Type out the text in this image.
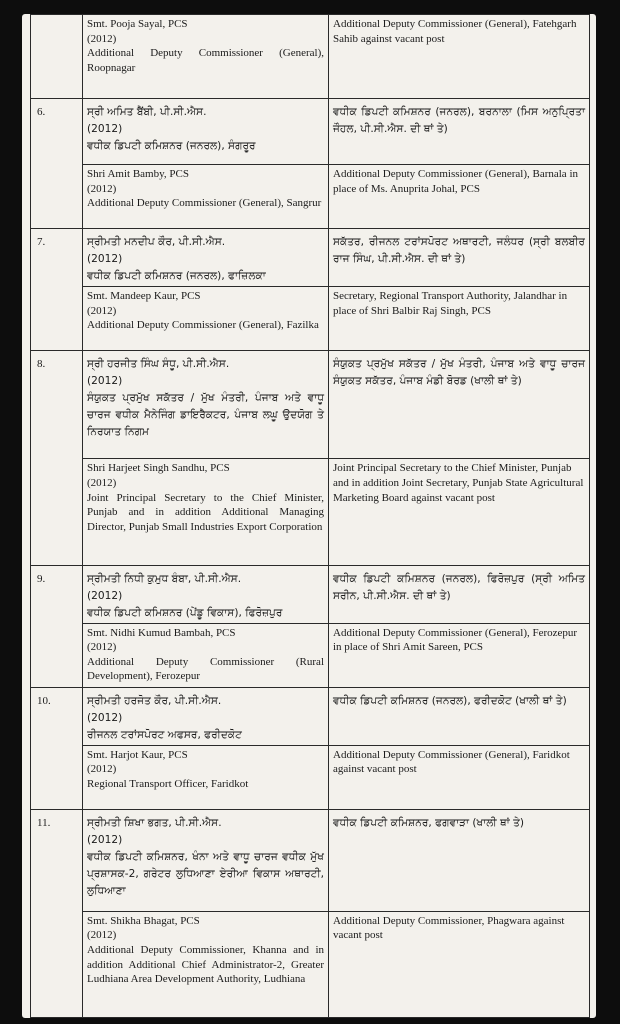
	Smt. Pooja Sayal, PCS
(2012)
Additional Deputy Commissioner (General), Roopnagar	Additional Deputy Commissioner (General), Fatehgarh Sahib against vacant post
6.	ਸ੍ਰੀ ਅਮਿਤ ਬੈਂਬੀ, ਪੀ.ਸੀ.ਐਸ.
(2012)
ਵਧੀਕ ਡਿਪਟੀ ਕਮਿਸ਼ਨਰ (ਜਨਰਲ), ਸੰਗਰੂਰ	ਵਧੀਕ ਡਿਪਟੀ ਕਮਿਸ਼ਨਰ (ਜਨਰਲ), ਬਰਨਾਲਾ (ਮਿਸ ਅਨੁਪ੍ਰਿਤਾ ਜੌਹਲ, ਪੀ.ਸੀ.ਐਸ. ਦੀ ਥਾਂ ਤੇ)

	Shri Amit Bamby, PCS
(2012)
Additional Deputy Commissioner (General), Sangrur	Additional Deputy Commissioner (General), Barnala in place of Ms. Anuprita Johal, PCS
7.	ਸ੍ਰੀਮਤੀ ਮਨਦੀਪ ਕੌਰ, ਪੀ.ਸੀ.ਐਸ.
(2012)
ਵਧੀਕ ਡਿਪਟੀ ਕਮਿਸ਼ਨਰ (ਜਨਰਲ), ਫਾਜ਼ਿਲਕਾ	ਸਕੱਤਰ, ਰੀਜਨਲ ਟਰਾਂਸਪੋਰਟ ਅਥਾਰਟੀ, ਜਲੰਧਰ (ਸ੍ਰੀ ਬਲਬੀਰ ਰਾਜ ਸਿੰਘ, ਪੀ.ਸੀ.ਐਸ. ਦੀ ਥਾਂ ਤੇ)

	Smt. Mandeep Kaur, PCS
(2012)
Additional Deputy Commissioner (General), Fazilka	Secretary, Regional Transport Authority, Jalandhar in place of Shri Balbir Raj Singh, PCS
8.	ਸ੍ਰੀ ਹਰਜੀਤ ਸਿੰਘ ਸੰਧੂ, ਪੀ.ਸੀ.ਐਸ.
(2012)
ਸੰਯੁਕਤ ਪ੍ਰਮੁੱਖ ਸਕੱਤਰ / ਮੁੱਖ ਮੰਤਰੀ, ਪੰਜਾਬ ਅਤੇ ਵਾਧੂ ਚਾਰਜ ਵਧੀਕ ਮੈਨੇਜਿੰਗ ਡਾਇਰੈਕਟਰ, ਪੰਜਾਬ ਲਘੂ ਉਦਯੋਗ ਤੇ ਨਿਰਯਾਤ ਨਿਗਮ	ਸੰਯੁਕਤ ਪ੍ਰਮੁੱਖ ਸਕੱਤਰ / ਮੁੱਖ ਮੰਤਰੀ, ਪੰਜਾਬ ਅਤੇ ਵਾਧੂ ਚਾਰਜ ਸੰਯੁਕਤ ਸਕੱਤਰ, ਪੰਜਾਬ ਮੰਡੀ ਬੋਰਡ (ਖਾਲੀ ਥਾਂ ਤੇ)

	Shri Harjeet Singh Sandhu, PCS
(2012)
Joint Principal Secretary to the Chief Minister, Punjab and in addition Additional Managing Director, Punjab Small Industries Export Corporation	Joint Principal Secretary to the Chief Minister, Punjab and in addition Joint Secretary, Punjab State Agricultural Marketing Board against vacant post
9.	ਸ੍ਰੀਮਤੀ ਨਿਧੀ ਕੁਮੁਧ ਬੰਬਾ, ਪੀ.ਸੀ.ਐਸ.
(2012)
ਵਧੀਕ ਡਿਪਟੀ ਕਮਿਸ਼ਨਰ (ਪੇਂਡੂ ਵਿਕਾਸ), ਫਿਰੋਜ਼ਪੁਰ	ਵਧੀਕ ਡਿਪਟੀ ਕਮਿਸ਼ਨਰ (ਜਨਰਲ), ਫਿਰੋਜ਼ਪੁਰ (ਸ੍ਰੀ ਅਮਿਤ ਸਰੀਨ, ਪੀ.ਸੀ.ਐਸ. ਦੀ ਥਾਂ ਤੇ)

	Smt. Nidhi Kumud Bambah, PCS
(2012)
Additional Deputy Commissioner (Rural Development), Ferozepur	Additional Deputy Commissioner (General), Ferozepur in place of Shri Amit Sareen, PCS
10.	ਸ੍ਰੀਮਤੀ ਹਰਜੋਤ ਕੌਰ, ਪੀ.ਸੀ.ਐਸ.
(2012)
ਰੀਜਨਲ ਟਰਾਂਸਪੋਰਟ ਅਫਸਰ, ਫਰੀਦਕੋਟ	ਵਧੀਕ ਡਿਪਟੀ ਕਮਿਸ਼ਨਰ (ਜਨਰਲ), ਫਰੀਦਕੋਟ (ਖਾਲੀ ਥਾਂ ਤੇ)

	Smt. Harjot Kaur, PCS
(2012)
Regional Transport Officer, Faridkot	Additional Deputy Commissioner (General), Faridkot against vacant post
11.	ਸ੍ਰੀਮਤੀ ਸ਼ਿਖਾ ਭਗਤ, ਪੀ.ਸੀ.ਐਸ.
(2012)
ਵਧੀਕ ਡਿਪਟੀ ਕਮਿਸ਼ਨਰ, ਖੰਨਾ ਅਤੇ ਵਾਧੂ ਚਾਰਜ ਵਧੀਕ ਮੁੱਖ ਪ੍ਰਸ਼ਾਸਕ-2, ਗਰੇਟਰ ਲੁਧਿਆਣਾ ਏਰੀਆ ਵਿਕਾਸ ਅਥਾਰਟੀ, ਲੁਧਿਆਣਾ	ਵਧੀਕ ਡਿਪਟੀ ਕਮਿਸ਼ਨਰ, ਫਗਵਾੜਾ (ਖਾਲੀ ਥਾਂ ਤੇ)

	Smt. Shikha Bhagat, PCS
(2012)
Additional Deputy Commissioner, Khanna and in addition Additional Chief Administrator-2, Greater Ludhiana Area Development Authority, Ludhiana	Additional Deputy Commissioner, Phagwara against vacant post
